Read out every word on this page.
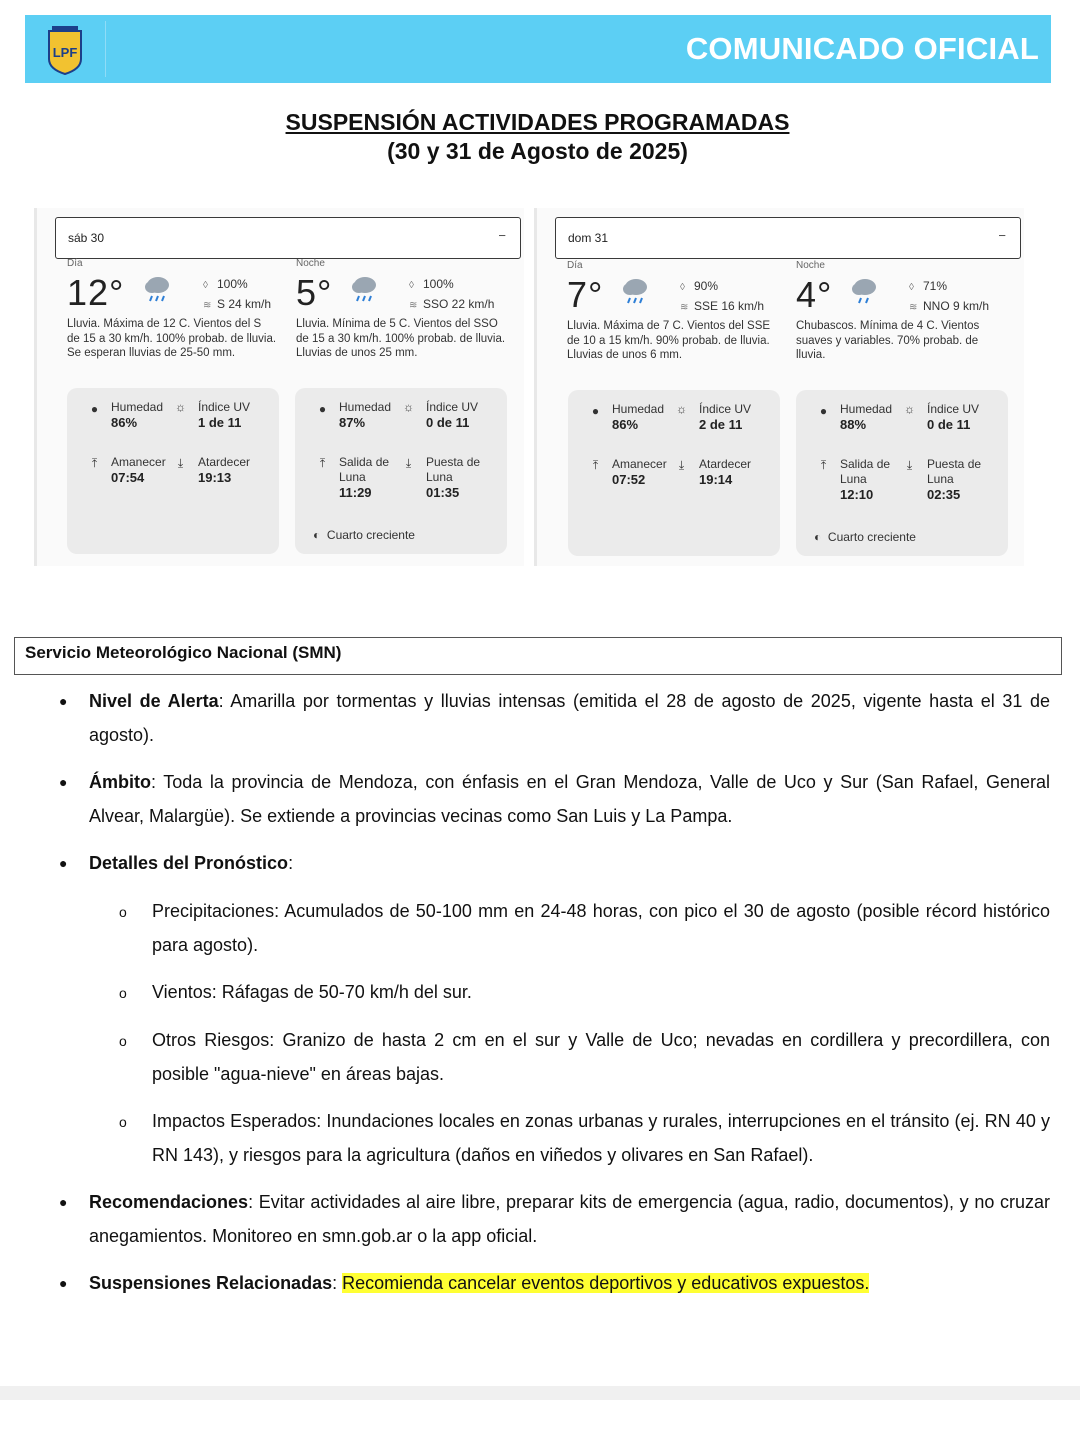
LPF	COMUNICADO OFICIAL
SUSPENSIÓN ACTIVIDADES PROGRAMADAS
(30 y 31 de Agosto de 2025)
sáb 30	−
Día
12°	◊ 100%
≋ S 24 km/h
Lluvia. Máxima de 12 C. Vientos del S de 15 a 30 km/h. 100% probab. de lluvia. Se esperan lluvias de 25-50 mm.
Noche
5°	◊ 100%
≋ SSO 22 km/h
Lluvia. Mínima de 5 C. Vientos del SSO de 15 a 30 km/h. 100% probab. de lluvia. Lluvias de unos 25 mm.
●	Humedad
86%
☼ Índice UV
1 de 11
⤒	Amanecer
07:54
⤓	Atardecer
19:13
●	Humedad
87%
☼ Índice UV
0 de 11
⤒	Salida de Luna
11:29
⤓	Puesta de Luna
01:35
◐ Cuarto creciente
dom 31	−
Día
7°	◊ 90%
≋ SSE 16 km/h
Lluvia. Máxima de 7 C. Vientos del SSE de 10 a 15 km/h. 90% probab. de lluvia. Lluvias de unos 6 mm.
Noche
4°	◊ 71%
≋ NNO 9 km/h
Chubascos. Mínima de 4 C. Vientos suaves y variables. 70% probab. de lluvia.
●	Humedad
86%
☼ Índice UV
2 de 11
⤒	Amanecer
07:52
⤓	Atardecer
19:14
●	Humedad
88%
☼ Índice UV
0 de 11
⤒	Salida de Luna
12:10
⤓	Puesta de Luna
02:35
◐ Cuarto creciente
Servicio Meteorológico Nacional (SMN)
● Nivel de Alerta: Amarilla por tormentas y lluvias intensas (emitida el 28 de agosto de 2025, vigente hasta el 31 de agosto).
● Ámbito: Toda la provincia de Mendoza, con énfasis en el Gran Mendoza, Valle de Uco y Sur (San Rafael, General Alvear, Malargüe). Se extiende a provincias vecinas como San Luis y La Pampa.
● Detalles del Pronóstico:
o Precipitaciones: Acumulados de 50-100 mm en 24-48 horas, con pico el 30 de agosto (posible récord histórico para agosto).
o Vientos: Ráfagas de 50-70 km/h del sur.
o Otros Riesgos: Granizo de hasta 2 cm en el sur y Valle de Uco; nevadas en cordillera y precordillera, con posible "agua-nieve" en áreas bajas.
o Impactos Esperados: Inundaciones locales en zonas urbanas y rurales, interrupciones en el tránsito (ej. RN 40 y RN 143), y riesgos para la agricultura (daños en viñedos y olivares en San Rafael).
● Recomendaciones: Evitar actividades al aire libre, preparar kits de emergencia (agua, radio, documentos), y no cruzar anegamientos. Monitoreo en smn.gob.ar o la app oficial.
● Suspensiones Relacionadas: Recomienda cancelar eventos deportivos y educativos expuestos.
